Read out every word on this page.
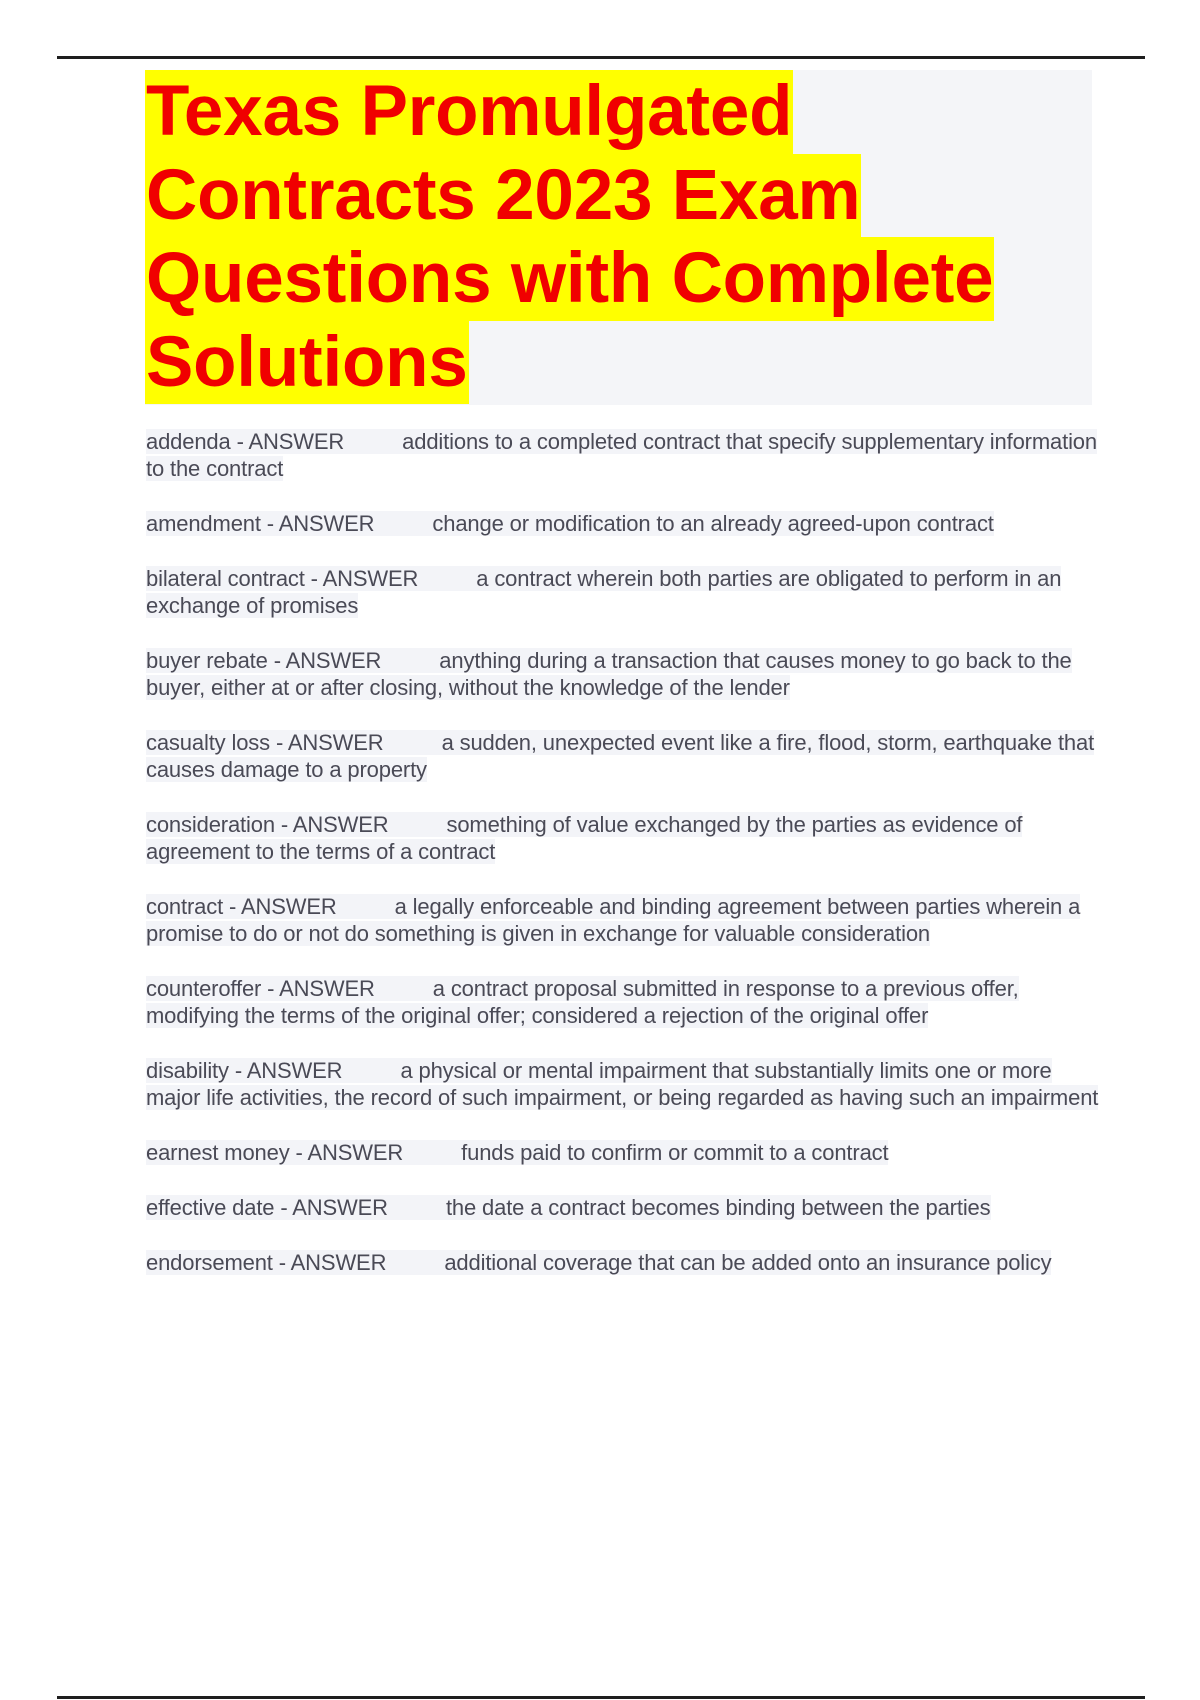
Texas Promulgated
Contracts 2023 Exam
Questions with Complete
Solutions

addenda - ANSWER	additions to a completed contract that specify supplementary information to the contract

amendment - ANSWER	change or modification to an already agreed-upon contract

bilateral contract - ANSWER	a contract wherein both parties are obligated to perform in an exchange of promises

buyer rebate - ANSWER	anything during a transaction that causes money to go back to the buyer, either at or after closing, without the knowledge of the lender

casualty loss - ANSWER	a sudden, unexpected event like a fire, flood, storm, earthquake that causes damage to a property

consideration - ANSWER	something of value exchanged by the parties as evidence of agreement to the terms of a contract

contract - ANSWER	a legally enforceable and binding agreement between parties wherein a promise to do or not do something is given in exchange for valuable consideration

counteroffer - ANSWER	a contract proposal submitted in response to a previous offer, modifying the terms of the original offer; considered a rejection of the original offer

disability - ANSWER	a physical or mental impairment that substantially limits one or more major life activities, the record of such impairment, or being regarded as having such an impairment

earnest money - ANSWER	funds paid to confirm or commit to a contract

effective date - ANSWER	the date a contract becomes binding between the parties

endorsement - ANSWER	additional coverage that can be added onto an insurance policy
